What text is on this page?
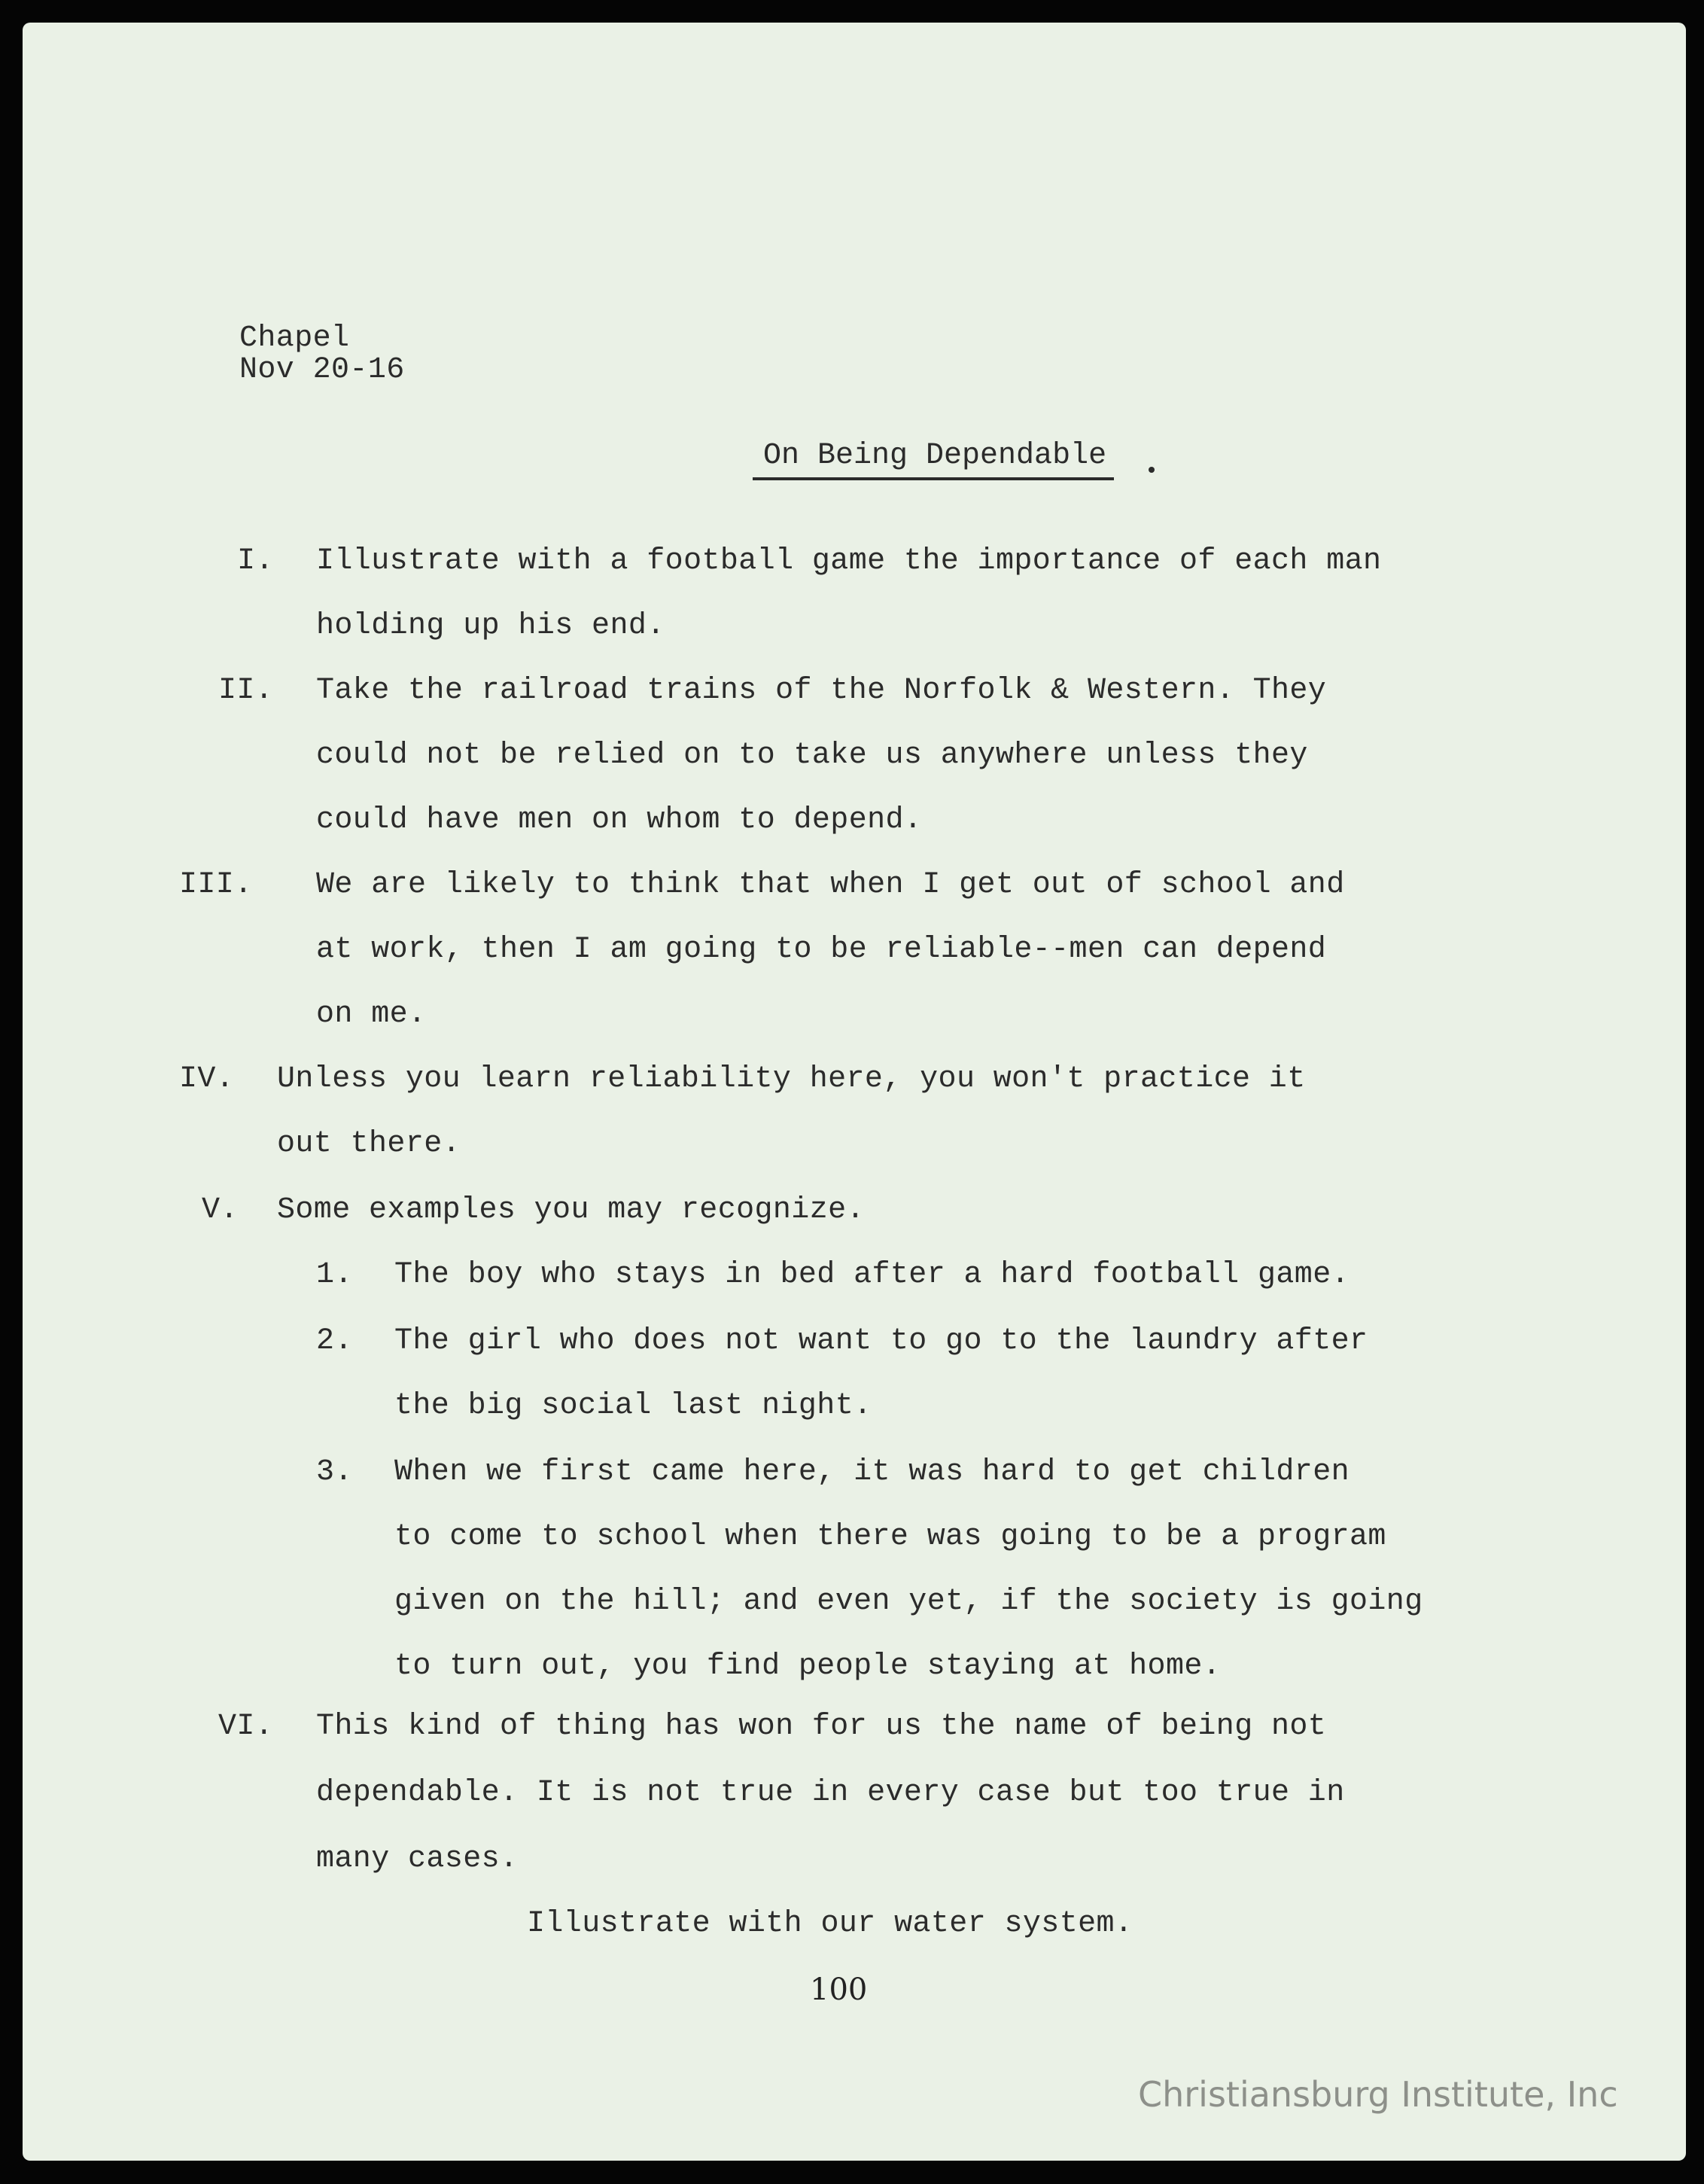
Chapel
Nov 20-16
On Being Dependable
I. Illustrate with a football game the importance of each man
holding up his end.
II. Take the railroad trains of the Norfolk & Western. They
could not be relied on to take us anywhere unless they
could have men on whom to depend.
III. We are likely to think that when I get out of school and
at work, then I am going to be reliable--men can depend
on me.
IV. Unless you learn reliability here, you won't practice it
out there.
V. Some examples you may recognize.
1. The boy who stays in bed after a hard football game.
2. The girl who does not want to go to the laundry after
the big social last night.
3. When we first came here, it was hard to get children
to come to school when there was going to be a program
given on the hill; and even yet, if the society is going
to turn out, you find people staying at home.
VI. This kind of thing has won for us the name of being not
dependable. It is not true in every case but too true in
many cases.
Illustrate with our water system.
100
Christiansburg Institute, Inc
